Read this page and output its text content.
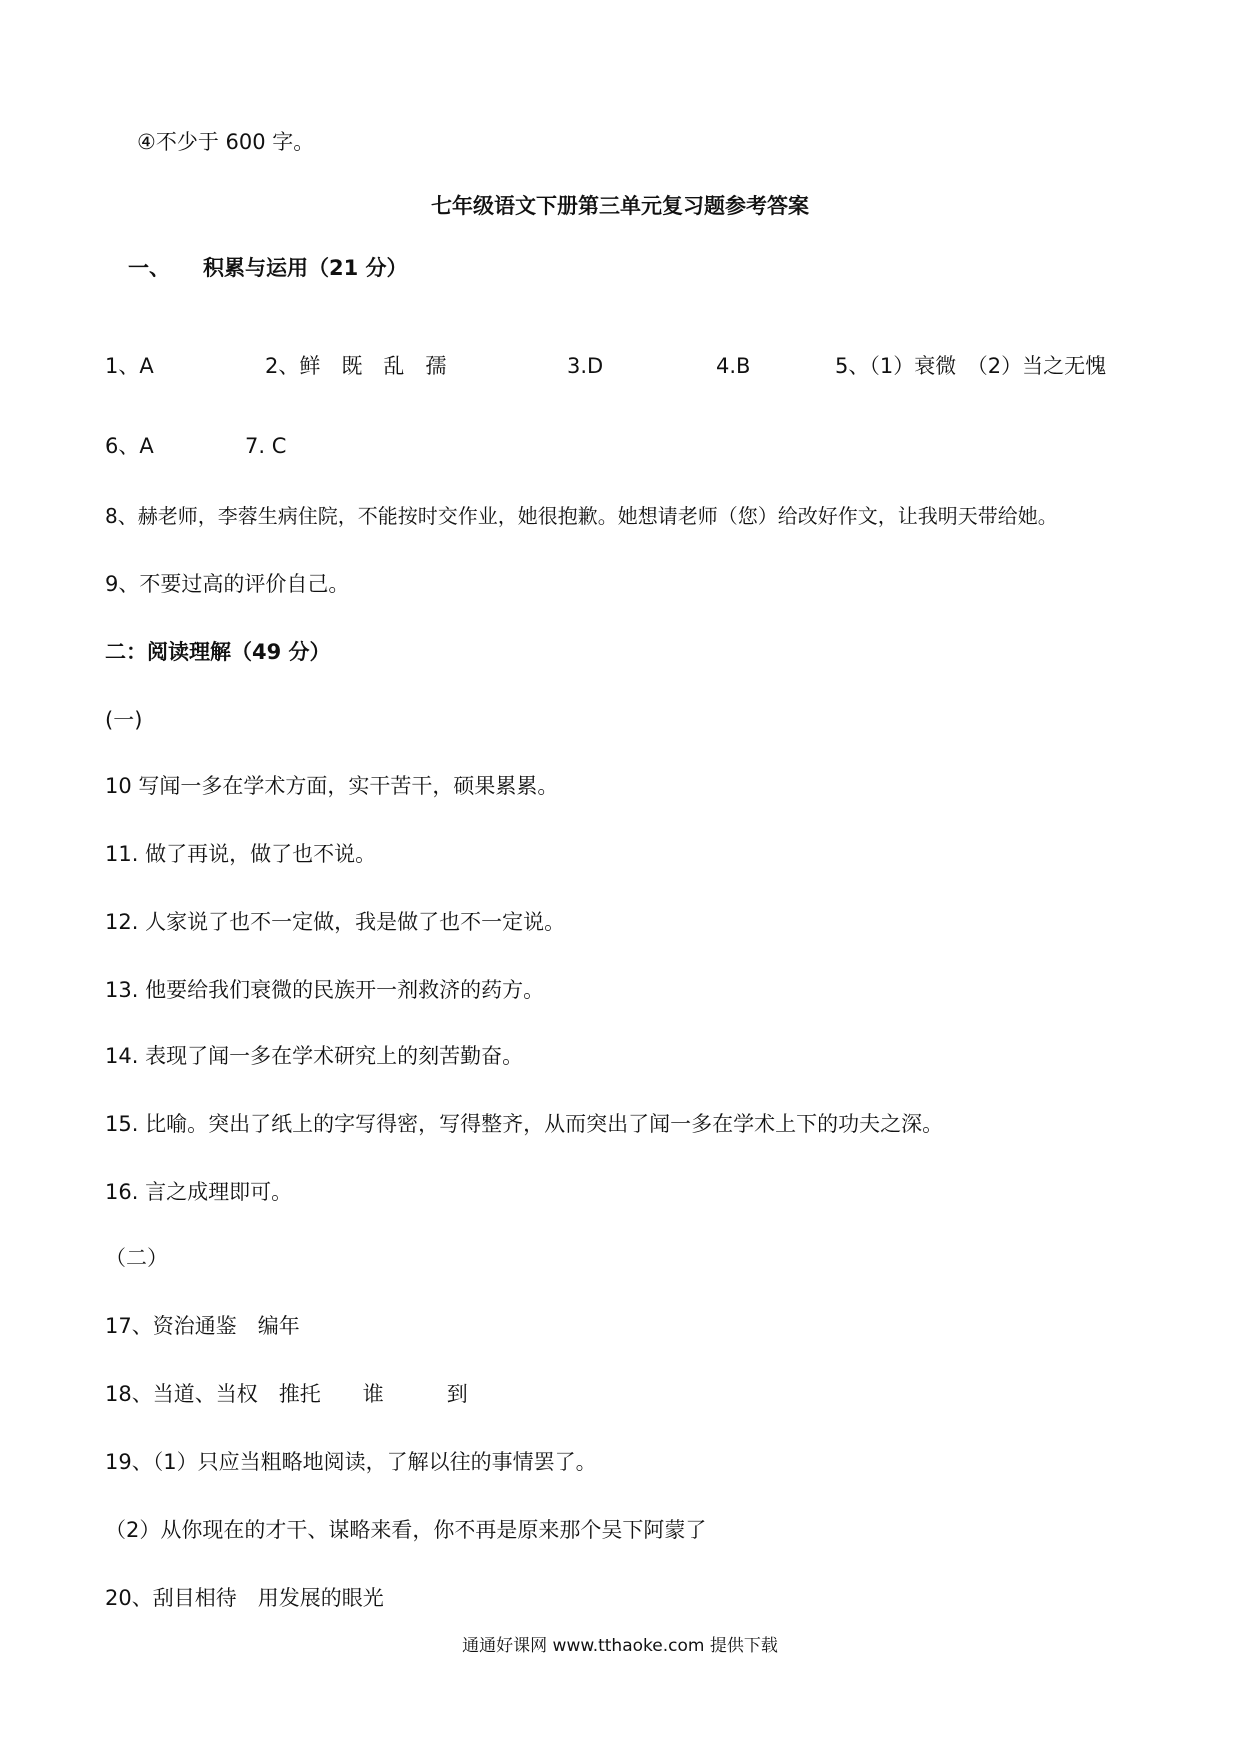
④不少于 600 字。
七年级语文下册第三单元复习题参考答案
一、 积累与运用（21 分）
1、A	2、鲜　既　乱　孺	3.D	4.B	5、（1）衰微　（2）当之无愧
6、A	7. C
8、赫老师，李蓉生病住院，不能按时交作业，她很抱歉。她想请老师（您）给改好作文，让我明天带给她。
9、不要过高的评价自己。
二：阅读理解（49 分）
(一)
10 写闻一多在学术方面，实干苦干，硕果累累。
11. 做了再说，做了也不说。
12. 人家说了也不一定做，我是做了也不一定说。
13. 他要给我们衰微的民族开一剂救济的药方。
14. 表现了闻一多在学术研究上的刻苦勤奋。
15. 比喻。突出了纸上的字写得密，写得整齐，从而突出了闻一多在学术上下的功夫之深。
16. 言之成理即可。
（二）
17、资治通鉴　编年
18、当道、当权　推托　　谁　　　到
19、（1）只应当粗略地阅读，了解以往的事情罢了。
（2）从你现在的才干、谋略来看，你不再是原来那个吴下阿蒙了
20、刮目相待　用发展的眼光
通通好课网 www.tthaoke.com 提供下载
